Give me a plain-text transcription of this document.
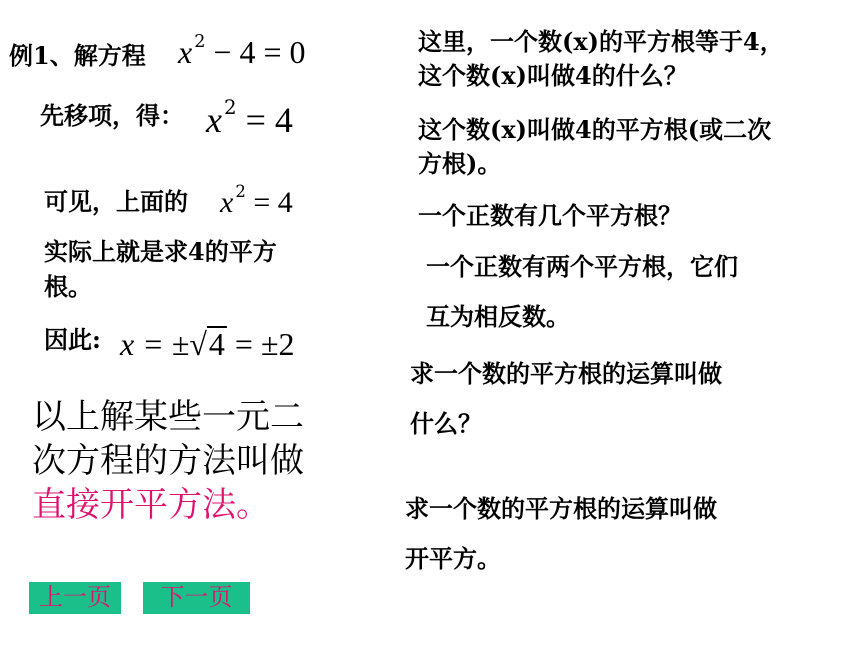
例1、解方程 x $^2$ − 4 = 0
先移项，得： x $^2$ = 4
可见，上面的 x $^2$ = 4
实际上就是求4的平方
根。
因此: x = ±√4 = ±2
以上解某些一元二
次方程的方法叫做
直接开平方法。
这里，一个数(x)的平方根等于4，
这个数(x)叫做4的什么？
这个数(x)叫做4的平方根(或二次
方根)。
一个正数有几个平方根？
一个正数有两个平方根，它们
互为相反数。
求一个数的平方根的运算叫做
什么？
求一个数的平方根的运算叫做
开平方。
上一页	下一页
